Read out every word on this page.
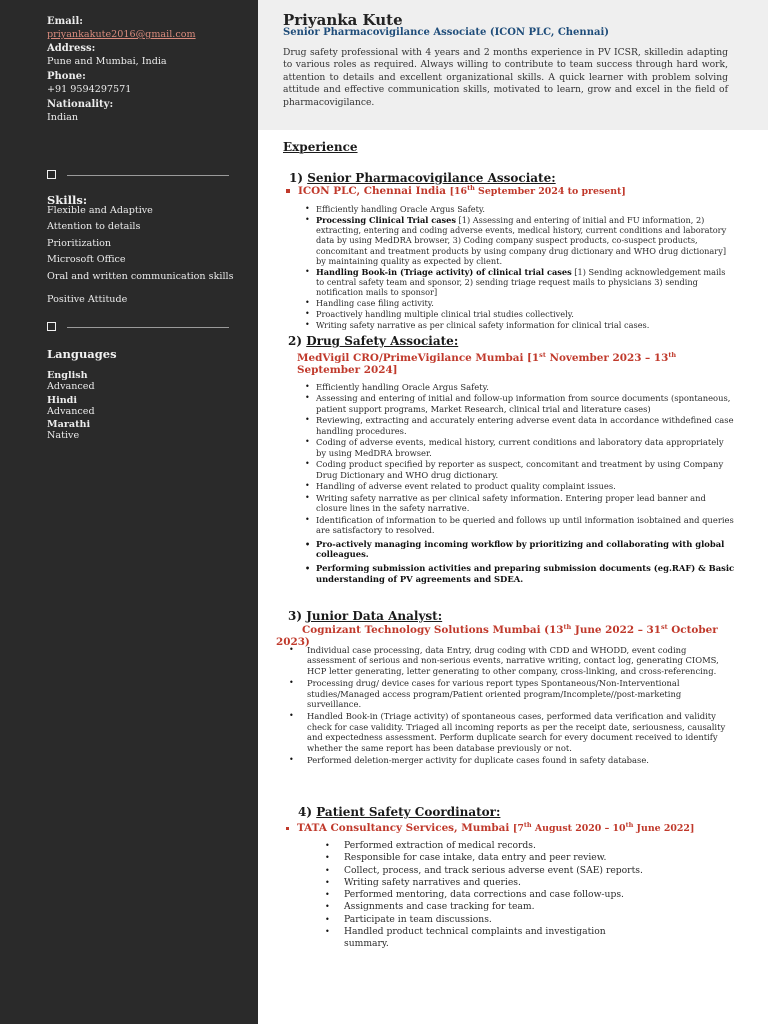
Email:
priyankakute2016@gmail.com
Address:
Pune and Mumbai, India
Phone:
+91 9594297571
Nationality:
Indian
Skills:
Flexible and Adaptive
Attention to details
Prioritization
Microsoft Office
Oral and written communication skills
Positive Attitude
Languages
English
Advanced
Hindi
Advanced
Marathi
Native
Priyanka Kute
Senior Pharmacovigilance Associate (ICON PLC, Chennai)

Drug safety professional with 4 years and 2 months experience in PV ICSR, skilledin adapting to various roles as required. Always willing to contribute to team success through hard work, attention to details and excellent organizational skills. A quick learner with problem solving attitude and effective communication skills, motivated to learn, grow and excel in the field of pharmacovigilance.

Experience
1) Senior Pharmacovigilance Associate:
ICON PLC, Chennai India [16th September 2024 to present]
• Efficiently handling Oracle Argus Safety.
• Processing Clinical Trial cases [1) Assessing and entering of initial and FU information, 2) extracting, entering and coding adverse events, medical history, current conditions and laboratory data by using MedDRA browser, 3) Coding company suspect products, co-suspect products, concomitant and treatment products by using company drug dictionary and WHO drug dictionary] by maintaining quality as expected by client.
• Handling Book-in (Triage activity) of clinical trial cases [1) Sending acknowledgement mails to central safety team and sponsor, 2) sending triage request mails to physicians 3) sending notification mails to sponsor]
• Handling case filing activity.
• Proactively handling multiple clinical trial studies collectively.
• Writing safety narrative as per clinical safety information for clinical trial cases.
2) Drug Safety Associate:
MedVigil CRO/PrimeVigilance Mumbai [1st November 2023 – 13th September 2024]
• Efficiently handling Oracle Argus Safety.
• Assessing and entering of initial and follow-up information from source documents (spontaneous, patient support programs, Market Research, clinical trial and literature cases)
• Reviewing, extracting and accurately entering adverse event data in accordance withdefined case handling procedures.
• Coding of adverse events, medical history, current conditions and laboratory data appropriately by using MedDRA browser.
• Coding product specified by reporter as suspect, concomitant and treatment by using Company Drug Dictionary and WHO drug dictionary.
• Handling of adverse event related to product quality complaint issues.
• Writing safety narrative as per clinical safety information. Entering proper lead banner and closure lines in the safety narrative.
• Identification of information to be queried and follows up until information isobtained and queries are satisfactory to resolved.
• Pro-actively managing incoming workflow by prioritizing and collaborating with global colleagues.
• Performing submission activities and preparing submission documents (eg.RAF) & Basic understanding of PV agreements and SDEA.
3) Junior Data Analyst:
Cognizant Technology Solutions Mumbai (13th June 2022 – 31st October 2023)
• Individual case processing, data Entry, drug coding with CDD and WHODD, event coding assessment of serious and non-serious events, narrative writing, contact log, generating CIOMS, HCP letter generating, letter generating to other company, cross-linking, and cross-referencing.
• Processing drug/ device cases for various report types Spontaneous/Non-Interventional studies/Managed access program/Patient oriented program/Incomplete//post-marketing surveillance.
• Handled Book-in (Triage activity) of spontaneous cases, performed data verification and validity check for case validity. Triaged all incoming reports as per the receipt date, seriousness, causality and expectedness assessment. Perform duplicate search for every document received to identify whether the same report has been database previously or not.
• Performed deletion-merger activity for duplicate cases found in safety database.
4) Patient Safety Coordinator:
TATA Consultancy Services, Mumbai [7th August 2020 – 10th June 2022]
• Performed extraction of medical records.
• Responsible for case intake, data entry and peer review.
• Collect, process, and track serious adverse event (SAE) reports.
• Writing safety narratives and queries.
• Performed mentoring, data corrections and case follow-ups.
• Assignments and case tracking for team.
• Participate in team discussions.
• Handled product technical complaints and investigation summary.
